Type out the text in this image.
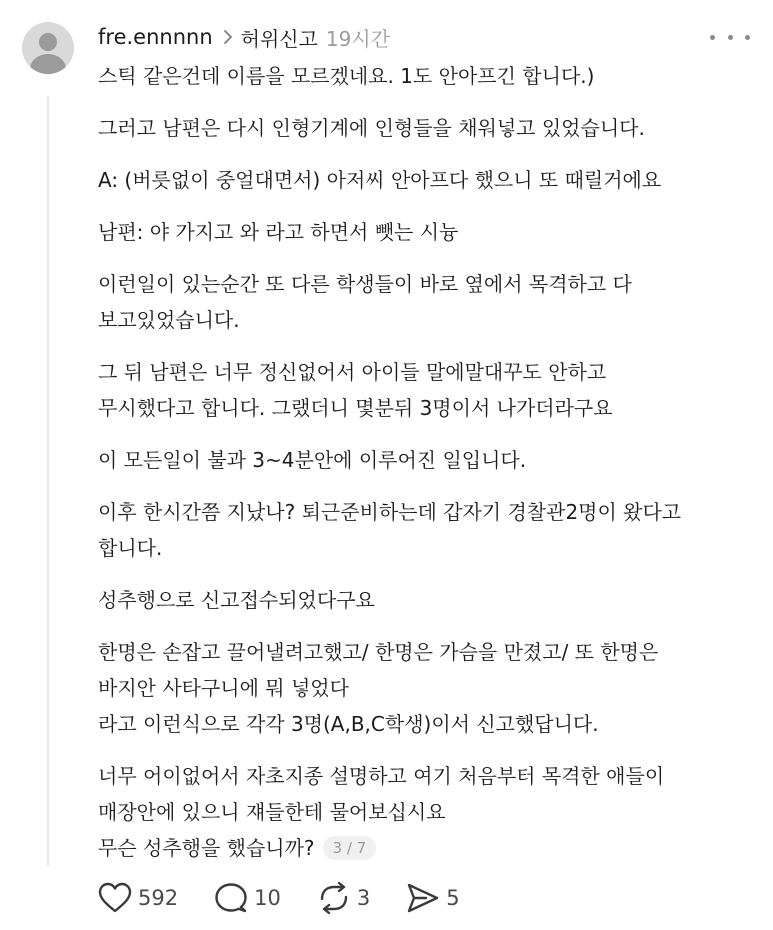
fre.ennnnn 허위신고 19시간
스틱 같은건데 이름을 모르겠네요. 1도 안아프긴 합니다.)
그러고 남편은 다시 인형기계에 인형들을 채워넣고 있었습니다.
A: (버릇없이 중얼대면서) 아저씨 안아프다 했으니 또 때릴거에요
남편: 야 가지고 와 라고 하면서 뺏는 시늉
이런일이 있는순간 또 다른 학생들이 바로 옆에서 목격하고 다
보고있었습니다.
그 뒤 남편은 너무 정신없어서 아이들 말에말대꾸도 안하고
무시했다고 합니다. 그랬더니 몇분뒤 3명이서 나가더라구요
이 모든일이 불과 3~4분안에 이루어진 일입니다.
이후 한시간쯤 지났나? 퇴근준비하는데 갑자기 경찰관2명이 왔다고
합니다.
성추행으로 신고접수되었다구요
한명은 손잡고 끌어낼려고했고/ 한명은 가슴을 만졌고/ 또 한명은
바지안 사타구니에 뭐 넣었다
라고 이런식으로 각각 3명(A,B,C학생)이서 신고했답니다.
너무 어이없어서 자초지종 설명하고 여기 처음부터 목격한 애들이
매장안에 있으니 쟤들한테 물어보십시요
무슨 성추행을 했습니까? 3 / 7
592	10	3	5
